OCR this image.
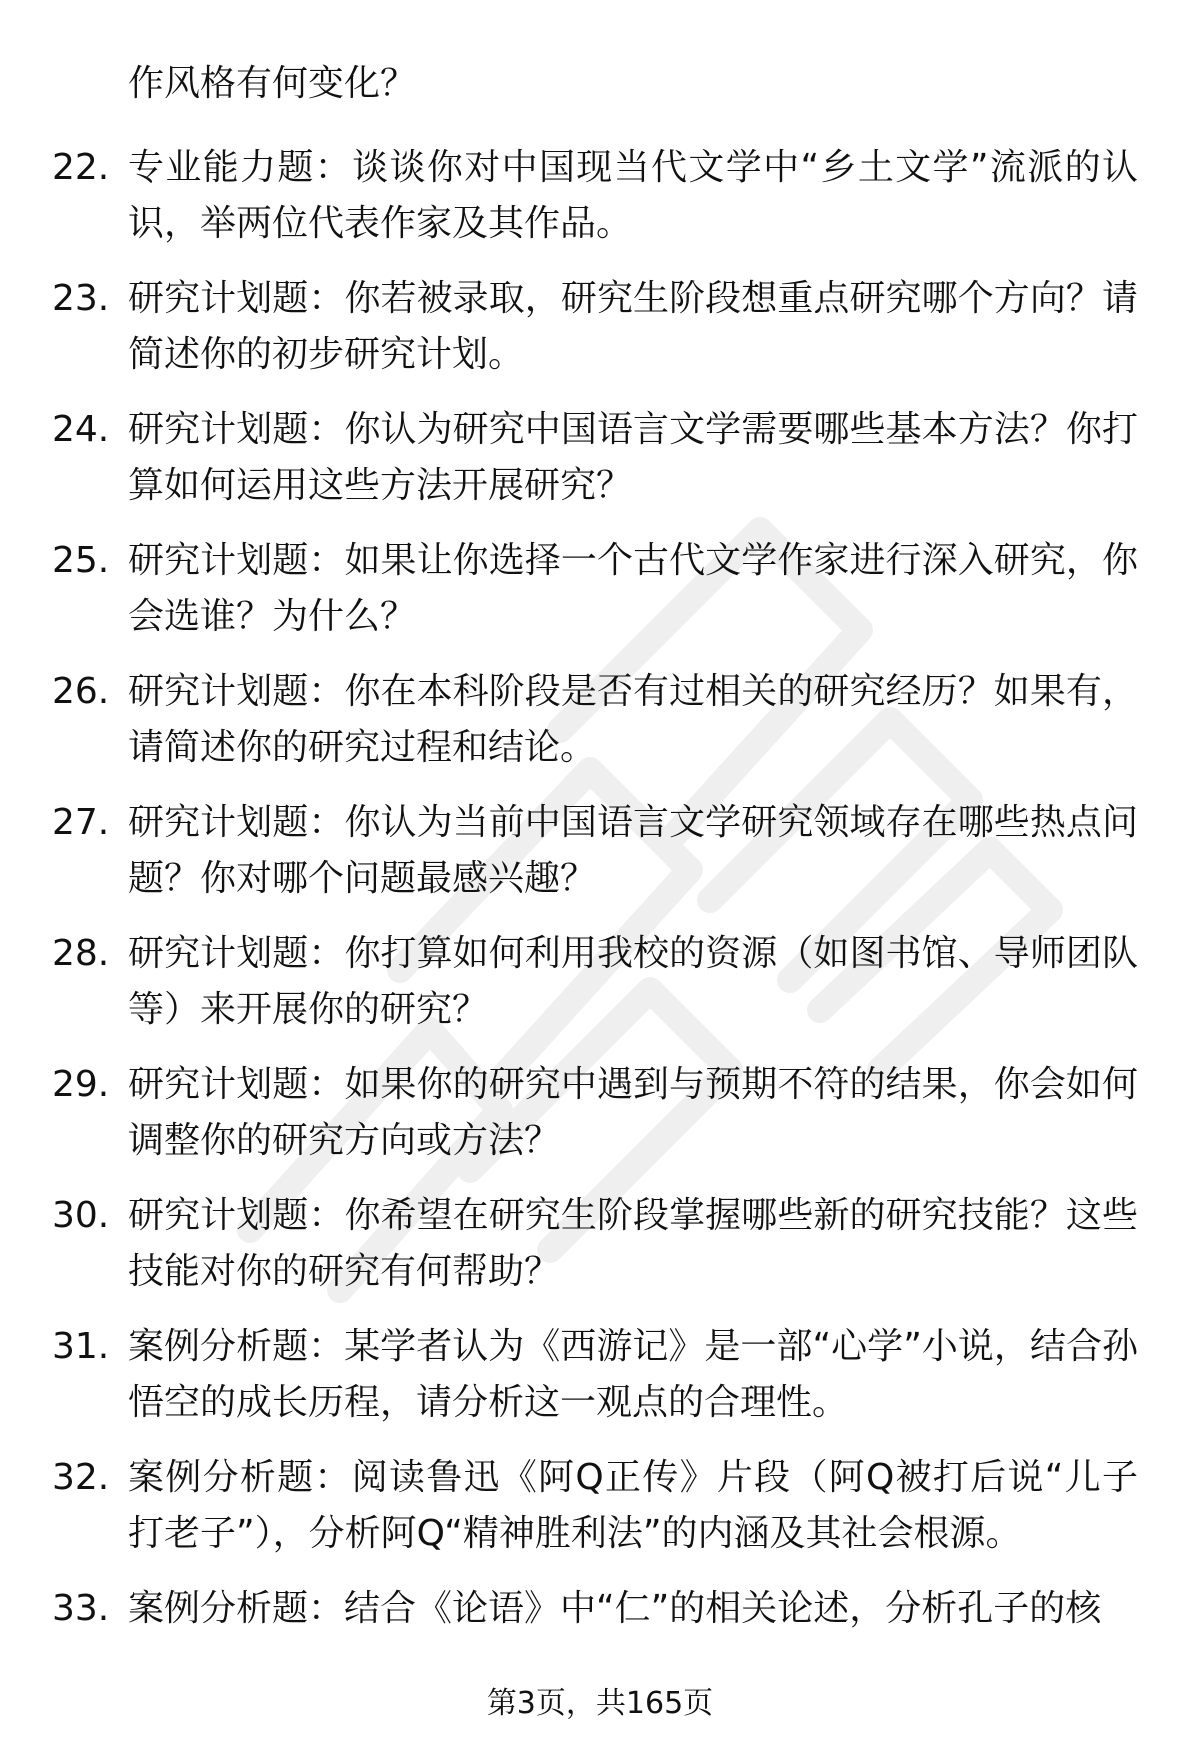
作风格有何变化？
22. 专业能力题：谈谈你对中国现当代文学中“乡土文学”流派的认识，举两位代表作家及其作品。
23. 研究计划题：你若被录取，研究生阶段想重点研究哪个方向？请简述你的初步研究计划。
24. 研究计划题：你认为研究中国语言文学需要哪些基本方法？你打算如何运用这些方法开展研究？
25. 研究计划题：如果让你选择一个古代文学作家进行深入研究，你会选谁？为什么？
26. 研究计划题：你在本科阶段是否有过相关的研究经历？如果有，请简述你的研究过程和结论。
27. 研究计划题：你认为当前中国语言文学研究领域存在哪些热点问题？你对哪个问题最感兴趣？
28. 研究计划题：你打算如何利用我校的资源（如图书馆、导师团队等）来开展你的研究？
29. 研究计划题：如果你的研究中遇到与预期不符的结果，你会如何调整你的研究方向或方法？
30. 研究计划题：你希望在研究生阶段掌握哪些新的研究技能？这些技能对你的研究有何帮助？
31. 案例分析题：某学者认为《西游记》是一部“心学”小说，结合孙悟空的成长历程，请分析这一观点的合理性。
32. 案例分析题：阅读鲁迅《阿Q正传》片段（阿Q被打后说“儿子打老子”），分析阿Q“精神胜利法”的内涵及其社会根源。
33. 案例分析题：结合《论语》中“仁”的相关论述，分析孔子的核
第3页，共165页
